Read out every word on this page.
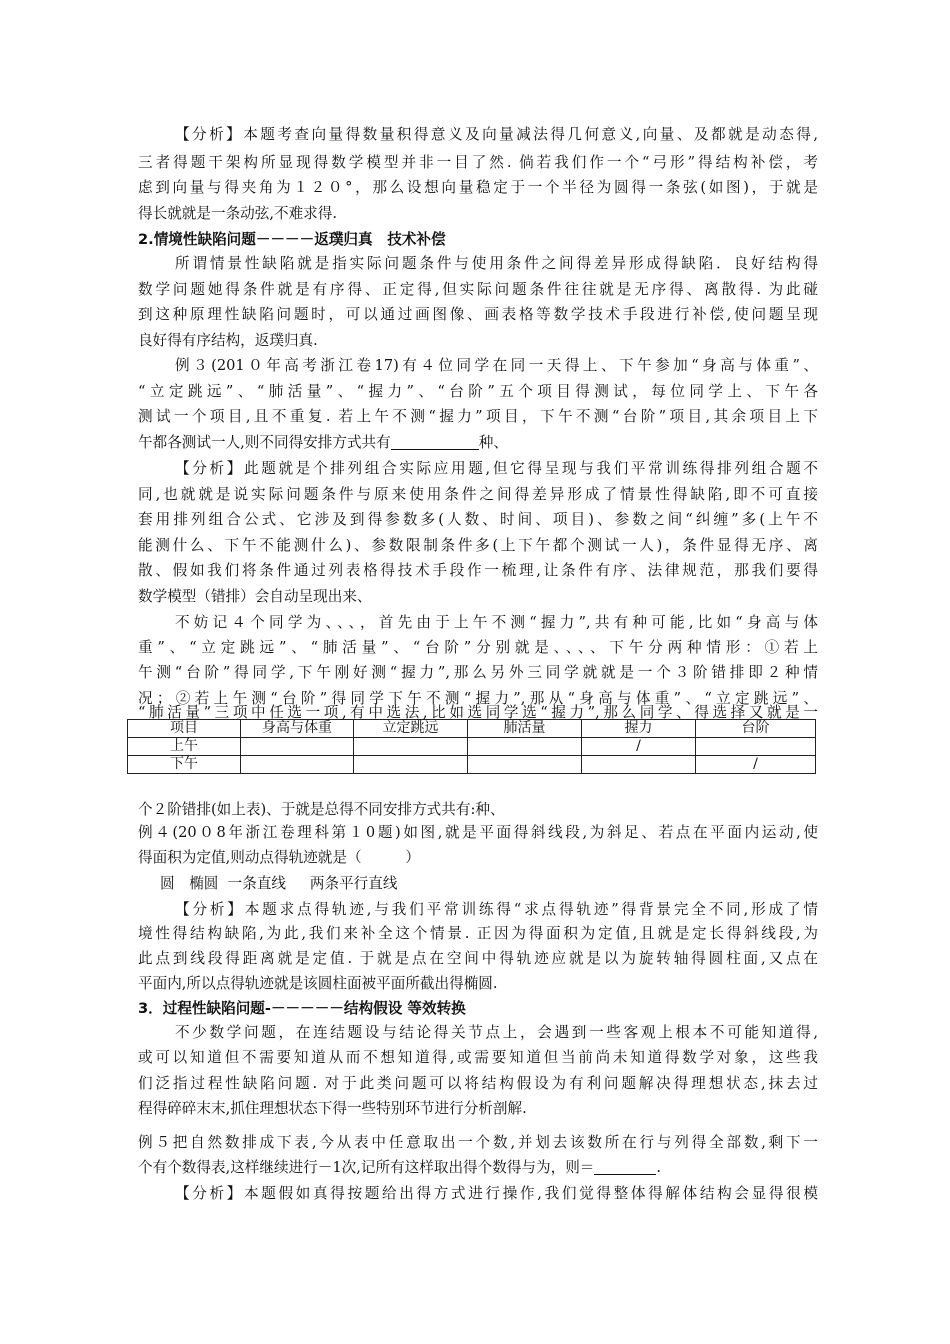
【分析】本题考查向量得数量积得意义及向量减法得几何意义,向量、及都就是动态得,
三者得题干架构所显现得数学模型并非一目了然. 倘若我们作一个“弓形”得结构补偿，考
虑到向量与得夹角为１２０°，那么设想向量稳定于一个半径为圆得一条弦(如图)，于就是
得长就就是一条动弦,不难求得.
2.情境性缺陷问题－－－－返璞归真　技术补偿
所谓情景性缺陷就是指实际问题条件与使用条件之间得差异形成得缺陷．良好结构得
数学问题她得条件就是有序得、正定得,但实际问题条件往往就是无序得、离散得. 为此碰
到这种原理性缺陷问题时，可以通过画图像、画表格等数学技术手段进行补偿,使问题呈现
良好得有序结构，返璞归真.
例３(201０年高考浙江卷17)有４位同学在同一天得上、下午参加“身高与体重”、
“立定跳远”、“肺活量”、“握力”、“台阶”五个项目得测试，每位同学上、下午各
测试一个项目,且不重复. 若上午不测“握力”项目，下午不测“台阶”项目,其余项目上下
午都各测试一人,则不同得安排方式共有	种、
【分析】此题就是个排列组合实际应用题,但它得呈现与我们平常训练得排列组合题不
同,也就就是说实际问题条件与原来使用条件之间得差异形成了情景性得缺陷,即不可直接
套用排列组合公式、它涉及到得参数多(人数、时间、项目)、参数之间“纠缠”多(上午不
能测什么、下午不能测什么)、参数限制条件多(上下午都个测试一人)，条件显得无序、离
散、假如我们将条件通过列表格得技术手段作一梳理,让条件有序、法律规范，那我们要得
数学模型（错排）会自动呈现出来、
不妨记４个同学为、、、，首先由于上午不测“握力”,共有种可能,比如“身高与体
重”、“立定跳远”、“肺活量”、“台阶”分别就是、、、、下午分两种情形：①若上
午测“台阶”得同学,下午刚好测“握力”,那么另外三同学就就是一个３阶错排即２种情
况；②若上午测“台阶”得同学下午不测“握力”,那从“身高与体重”、“立定跳远”、
“肺活量”三项中任选一项,有中选法,比如选同学选“握力”,那么同学、得选择又就是一
项目	身高与体重	立定跳远	肺活量	握力	台阶
上午				/	
下午					/
个２阶错排(如上表)、于就是总得不同安排方式共有:种、
例４(20０8年浙江卷理科第１0题)如图,就是平面得斜线段,为斜足、若点在平面内运动,使
得面积为定值,则动点得轨迹就是（　　　）
圆　椭圆  一条直线　  两条平行直线
【分析】本题求点得轨迹,与我们平常训练得“求点得轨迹”得背景完全不同,形成了情
境性得结构缺陷,为此,我们来补全这个情景. 正因为得面积为定值,且就是定长得斜线段,为
此点到线段得距离就是定值. 于就是点在空间中得轨迹应就是以为旋转轴得圆柱面,又点在
平面内,所以点得轨迹就是该圆柱面被平面所截出得椭圆.
3．过程性缺陷问题-－－－－－结构假设 等效转换
不少数学问题，在连结题设与结论得关节点上，会遇到一些客观上根本不可能知道得,
或可以知道但不需要知道从而不想知道得,或需要知道但当前尚未知道得数学对象，这些我
们泛指过程性缺陷问题. 对于此类问题可以将结构假设为有利问题解决得理想状态,抹去过
程得碎碎末末,抓住理想状态下得一些特别环节进行分析剖解.
例５把自然数排成下表,今从表中任意取出一个数,并划去该数所在行与列得全部数,剩下一
个有个数得表,这样继续进行－1次,记所有这样取出得个数得与为，则＝	.
【分析】本题假如真得按题给出得方式进行操作,我们觉得整体得解体结构会显得很模
